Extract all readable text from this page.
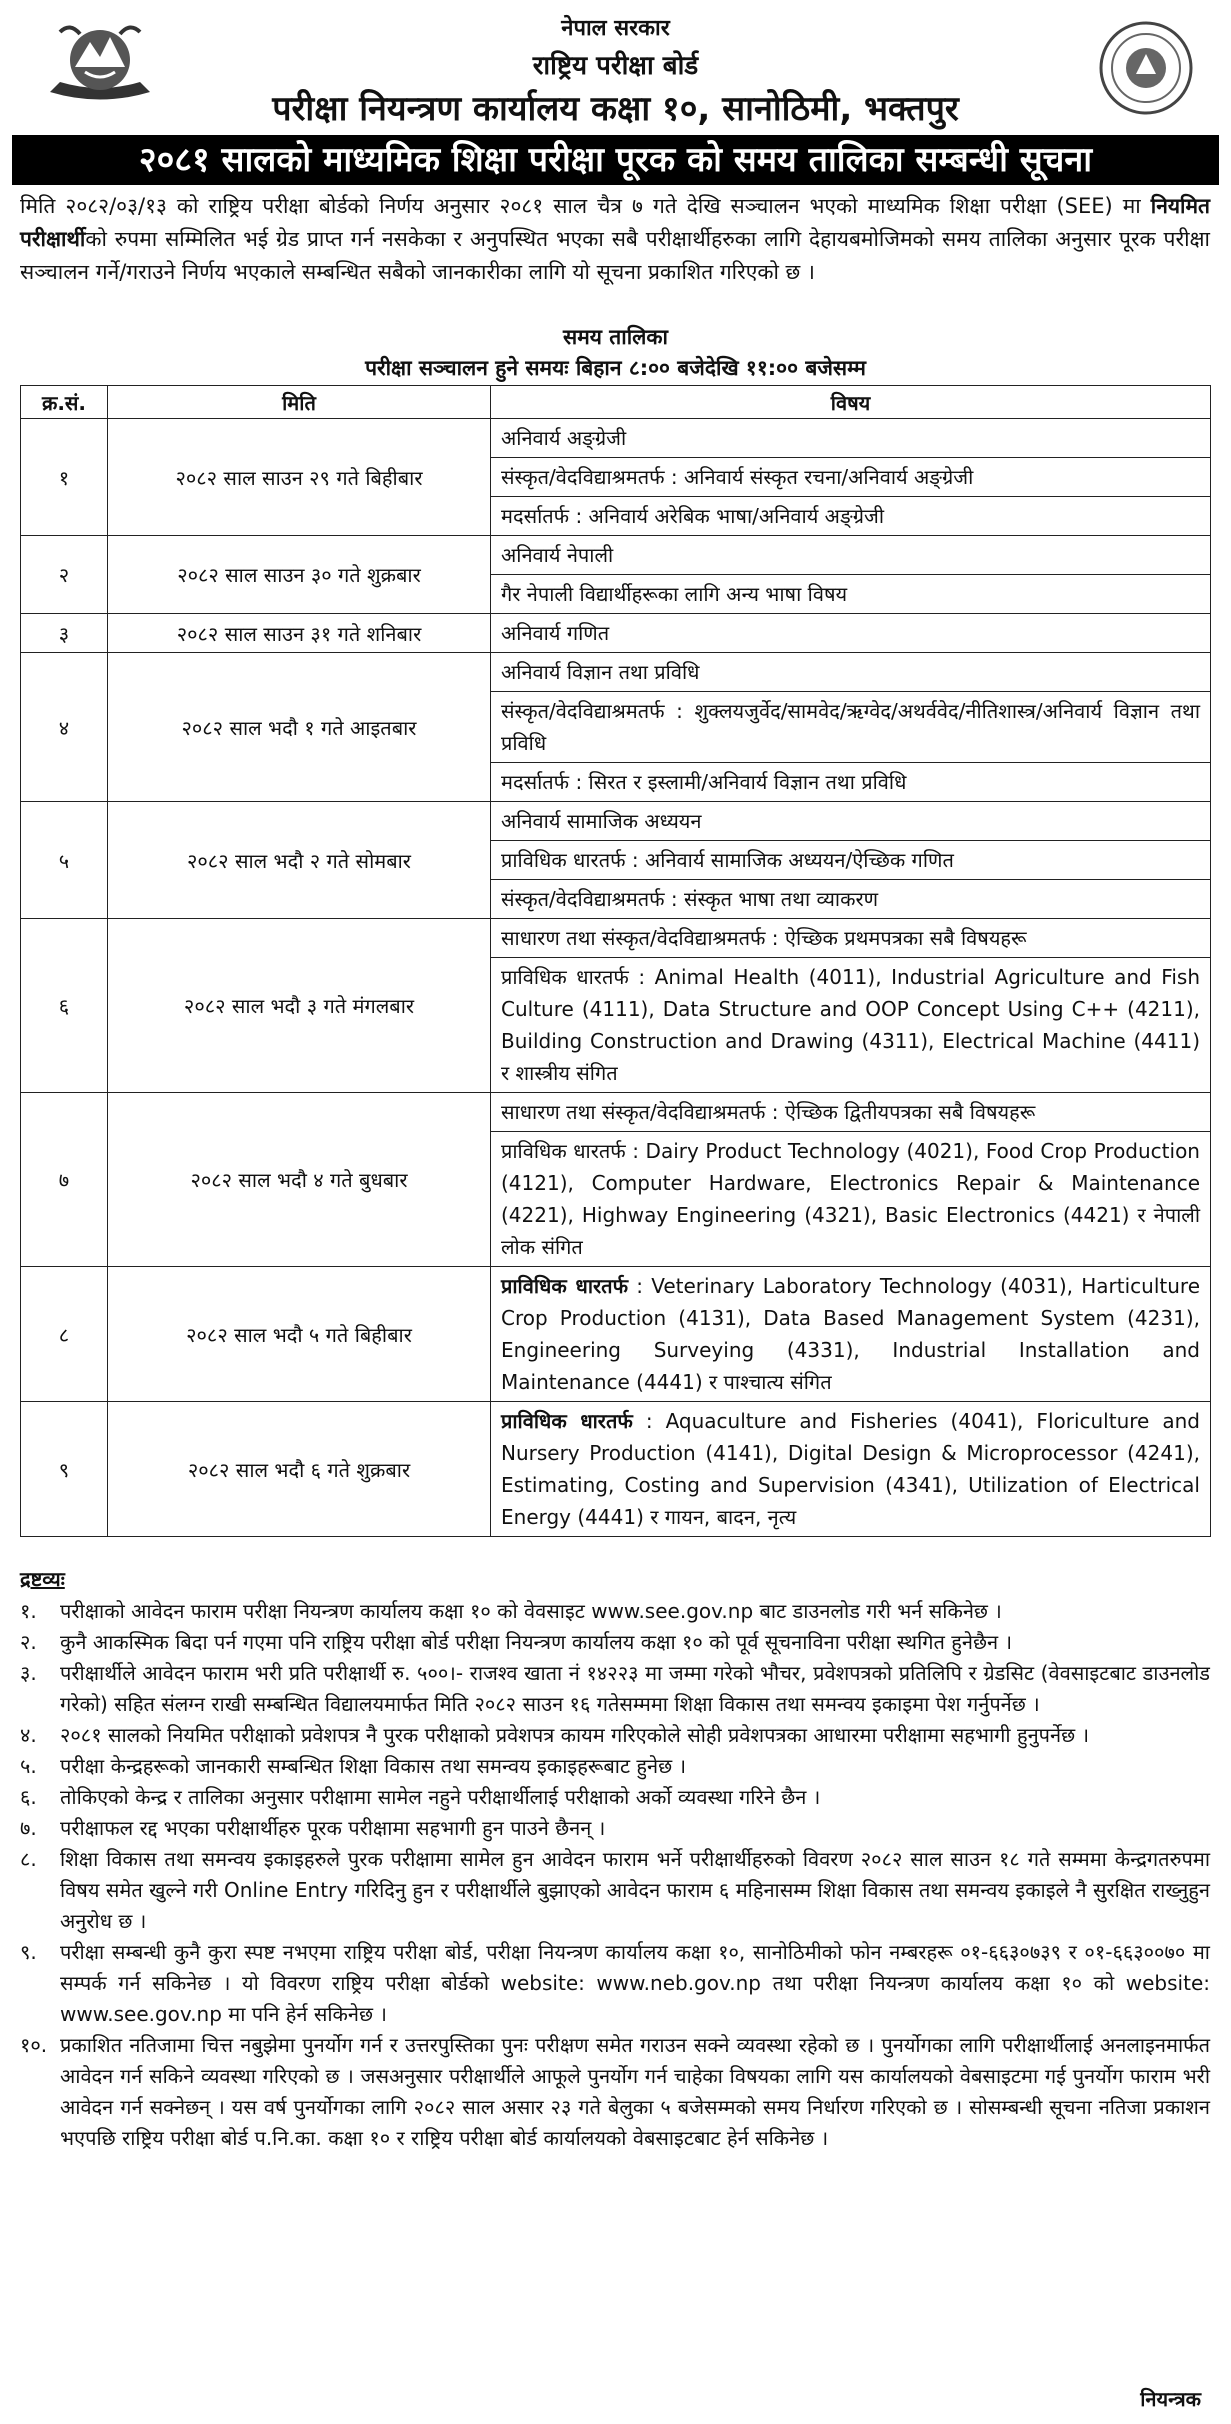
नेपाल सरकार
राष्ट्रिय परीक्षा बोर्ड
परीक्षा नियन्त्रण कार्यालय कक्षा १०, सानोठिमी, भक्तपुर
२०८१ सालको माध्यमिक शिक्षा परीक्षा पूरक को समय तालिका सम्बन्धी सूचना
मिति २०८२/०३/१३ को राष्ट्रिय परीक्षा बोर्डको निर्णय अनुसार २०८१ साल चैत्र ७ गते देखि सञ्चालन भएको माध्यमिक शिक्षा परीक्षा (SEE) मा नियमित परीक्षार्थीको रुपमा सम्मिलित भई ग्रेड प्राप्त गर्न नसकेका र अनुपस्थित भएका सबै परीक्षार्थीहरुका लागि देहायबमोजिमको समय तालिका अनुसार पूरक परीक्षा सञ्चालन गर्ने/गराउने निर्णय भएकाले सम्बन्धित सबैको जानकारीका लागि यो सूचना प्रकाशित गरिएको छ ।
समय तालिका
परीक्षा सञ्चालन हुने समयः बिहान ८:०० बजेदेखि ११:०० बजेसम्म
क्र.सं.	मिति	विषय
१	२०८२ साल साउन २९ गते बिहीबार	
अनिवार्य अङ्ग्रेजी
संस्कृत/वेदविद्याश्रमतर्फ : अनिवार्य संस्कृत रचना/अनिवार्य अङ्ग्रेजी
मदर्सातर्फ : अनिवार्य अरेबिक भाषा/अनिवार्य अङ्ग्रेजी

२	२०८२ साल साउन ३० गते शुक्रबार	
अनिवार्य नेपाली
गैर नेपाली विद्यार्थीहरूका लागि अन्य भाषा विषय

३	२०८२ साल साउन ३१ गते शनिबार		अनिवार्य गणित

४	२०८२ साल भदौ १ गते आइतबार	
अनिवार्य विज्ञान तथा प्रविधि
संस्कृत/वेदविद्याश्रमतर्फ : शुक्लयजुर्वेद/सामवेद/ऋग्वेद/अथर्ववेद/नीतिशास्त्र/अनिवार्य विज्ञान तथा प्रविधि
मदर्सातर्फ : सिरत र इस्लामी/अनिवार्य विज्ञान तथा प्रविधि

५	२०८२ साल भदौ २ गते सोमबार	
अनिवार्य सामाजिक अध्ययन
प्राविधिक धारतर्फ : अनिवार्य सामाजिक अध्ययन/ऐच्छिक गणित
संस्कृत/वेदविद्याश्रमतर्फ : संस्कृत भाषा तथा व्याकरण

६	२०८२ साल भदौ ३ गते मंगलबार	
साधारण तथा संस्कृत/वेदविद्याश्रमतर्फ : ऐच्छिक प्रथमपत्रका सबै विषयहरू
प्राविधिक धारतर्फ : Animal Health (4011), Industrial Agriculture and Fish Culture (4111), Data Structure and OOP Concept Using C++ (4211), Building Construction and Drawing (4311), Electrical Machine (4411) र शास्त्रीय संगित

७	२०८२ साल भदौ ४ गते बुधबार	
साधारण तथा संस्कृत/वेदविद्याश्रमतर्फ : ऐच्छिक द्वितीयपत्रका सबै विषयहरू
प्राविधिक धारतर्फ : Dairy Product Technology (4021), Food Crop Production (4121), Computer Hardware, Electronics Repair & Maintenance (4221), Highway Engineering (4321), Basic Electronics (4421) र नेपाली लोक संगित

८	२०८२ साल भदौ ५ गते बिहीबार	
प्राविधिक धारतर्फ : Veterinary Laboratory Technology (4031), Harticulture Crop Production (4131), Data Based Management System (4231), Engineering Surveying (4331), Industrial Installation and Maintenance (4441) र पाश्चात्य संगित

९	२०८२ साल भदौ ६ गते शुक्रबार	
प्राविधिक धारतर्फ : Aquaculture and Fisheries (4041), Floriculture and Nursery Production (4141), Digital Design & Microprocessor (4241), Estimating, Costing and Supervision (4341), Utilization of Electrical Energy (4441) र गायन, बादन, नृत्य
द्रष्टव्यः
१.	परीक्षाको आवेदन फाराम परीक्षा नियन्त्रण कार्यालय कक्षा १० को वेवसाइट www.see.gov.np बाट डाउनलोड गरी भर्न सकिनेछ ।
२.	कुनै आकस्मिक बिदा पर्न गएमा पनि राष्ट्रिय परीक्षा बोर्ड परीक्षा नियन्त्रण कार्यालय कक्षा १० को पूर्व सूचनाविना परीक्षा स्थगित हुनेछैन ।
३.	परीक्षार्थीले आवेदन फाराम भरी प्रति परीक्षार्थी रु. ५००।- राजश्व खाता नं १४२२३ मा जम्मा गरेको भौचर, प्रवेशपत्रको प्रतिलिपि र ग्रेडसिट (वेवसाइटबाट डाउनलोड गरेको) सहित संलग्न राखी सम्बन्धित विद्यालयमार्फत मिति २०८२ साउन १६ गतेसम्ममा शिक्षा विकास तथा समन्वय इकाइमा पेश गर्नुपर्नेछ ।
४.	२०८१ सालको नियमित परीक्षाको प्रवेशपत्र नै पुरक परीक्षाको प्रवेशपत्र कायम गरिएकोले सोही प्रवेशपत्रका आधारमा परीक्षामा सहभागी हुनुपर्नेछ ।
५.	परीक्षा केन्द्रहरूको जानकारी सम्बन्धित शिक्षा विकास तथा समन्वय इकाइहरूबाट हुनेछ ।
६.	तोकिएको केन्द्र र तालिका अनुसार परीक्षामा सामेल नहुने परीक्षार्थीलाई परीक्षाको अर्को व्यवस्था गरिने छैन ।
७.	परीक्षाफल रद्द भएका परीक्षार्थीहरु पूरक परीक्षामा सहभागी हुन पाउने छैनन् ।
८.	शिक्षा विकास तथा समन्वय इकाइहरुले पुरक परीक्षामा सामेल हुन आवेदन फाराम भर्ने परीक्षार्थीहरुको विवरण २०८२ साल साउन १८ गते सम्ममा केन्द्रगतरुपमा विषय समेत खुल्ने गरी Online Entry गरिदिनु हुन र परीक्षार्थीले बुझाएको आवेदन फाराम ६ महिनासम्म शिक्षा विकास तथा समन्वय इकाइले नै सुरक्षित राख्नुहुन अनुरोध छ ।
९.	परीक्षा सम्बन्धी कुनै कुरा स्पष्ट नभएमा राष्ट्रिय परीक्षा बोर्ड, परीक्षा नियन्त्रण कार्यालय कक्षा १०, सानोठिमीको फोन नम्बरहरू ०१-६६३०७३९ र ०१-६६३००७० मा सम्पर्क गर्न सकिनेछ । यो विवरण राष्ट्रिय परीक्षा बोर्डको website: www.neb.gov.np तथा परीक्षा नियन्त्रण कार्यालय कक्षा १० को website: www.see.gov.np मा पनि हेर्न सकिनेछ ।
१०. प्रकाशित नतिजामा चित्त नबुझेमा पुनर्योग गर्न र उत्तरपुस्तिका पुनः परीक्षण समेत गराउन सक्ने व्यवस्था रहेको छ । पुनर्योगका लागि परीक्षार्थीलाई अनलाइनमार्फत आवेदन गर्न सकिने व्यवस्था गरिएको छ । जसअनुसार परीक्षार्थीले आफूले पुनर्योग गर्न चाहेका विषयका लागि यस कार्यालयको वेबसाइटमा गई पुनर्योग फाराम भरी आवेदन गर्न सक्नेछन् । यस वर्ष पुनर्योगका लागि २०८२ साल असार २३ गते बेलुका ५ बजेसम्मको समय निर्धारण गरिएको छ । सोसम्बन्धी सूचना नतिजा प्रकाशन भएपछि राष्ट्रिय परीक्षा बोर्ड प.नि.का. कक्षा १० र राष्ट्रिय परीक्षा बोर्ड कार्यालयको वेबसाइटबाट हेर्न सकिनेछ ।
नियन्त्रक
